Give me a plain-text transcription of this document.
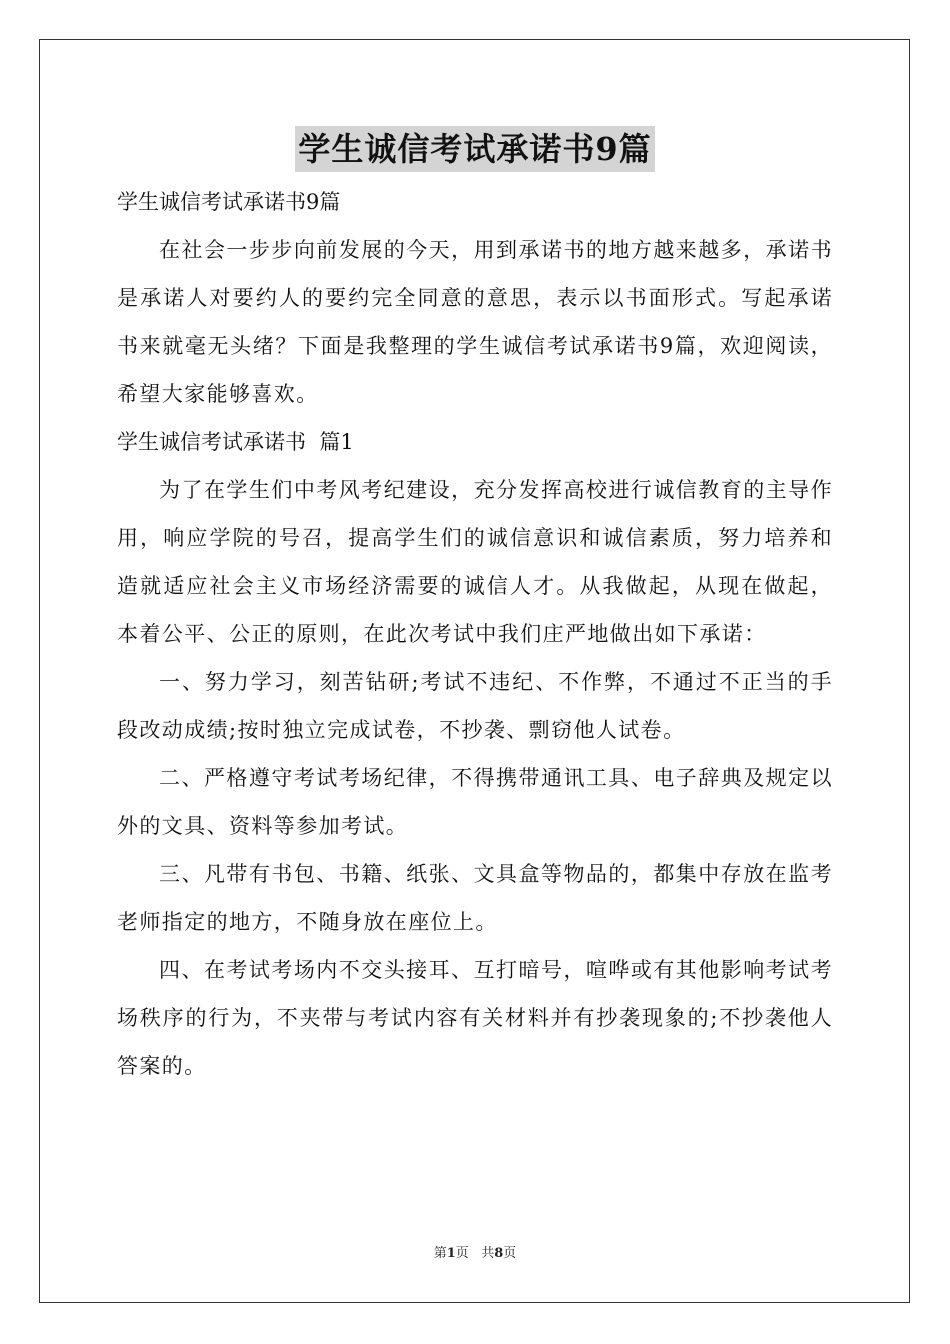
学生诚信考试承诺书9篇

学生诚信考试承诺书9篇

在社会一步步向前发展的今天，用到承诺书的地方越来越多，承诺书是承诺人对要约人的要约完全同意的意思，表示以书面形式。写起承诺书来就毫无头绪？下面是我整理的学生诚信考试承诺书9篇，欢迎阅读，希望大家能够喜欢。

学生诚信考试承诺书  篇1

为了在学生们中考风考纪建设，充分发挥高校进行诚信教育的主导作用，响应学院的号召，提高学生们的诚信意识和诚信素质，努力培养和造就适应社会主义市场经济需要的诚信人才。从我做起，从现在做起，本着公平、公正的原则，在此次考试中我们庄严地做出如下承诺：

一、努力学习，刻苦钻研;考试不违纪、不作弊，不通过不正当的手段改动成绩;按时独立完成试卷，不抄袭、剽窃他人试卷。

二、严格遵守考试考场纪律，不得携带通讯工具、电子辞典及规定以外的文具、资料等参加考试。

三、凡带有书包、书籍、纸张、文具盒等物品的，都集中存放在监考老师指定的地方，不随身放在座位上。

四、在考试考场内不交头接耳、互打暗号，喧哗或有其他影响考试考场秩序的行为，不夹带与考试内容有关材料并有抄袭现象的;不抄袭他人答案的。

第1页 共8页
